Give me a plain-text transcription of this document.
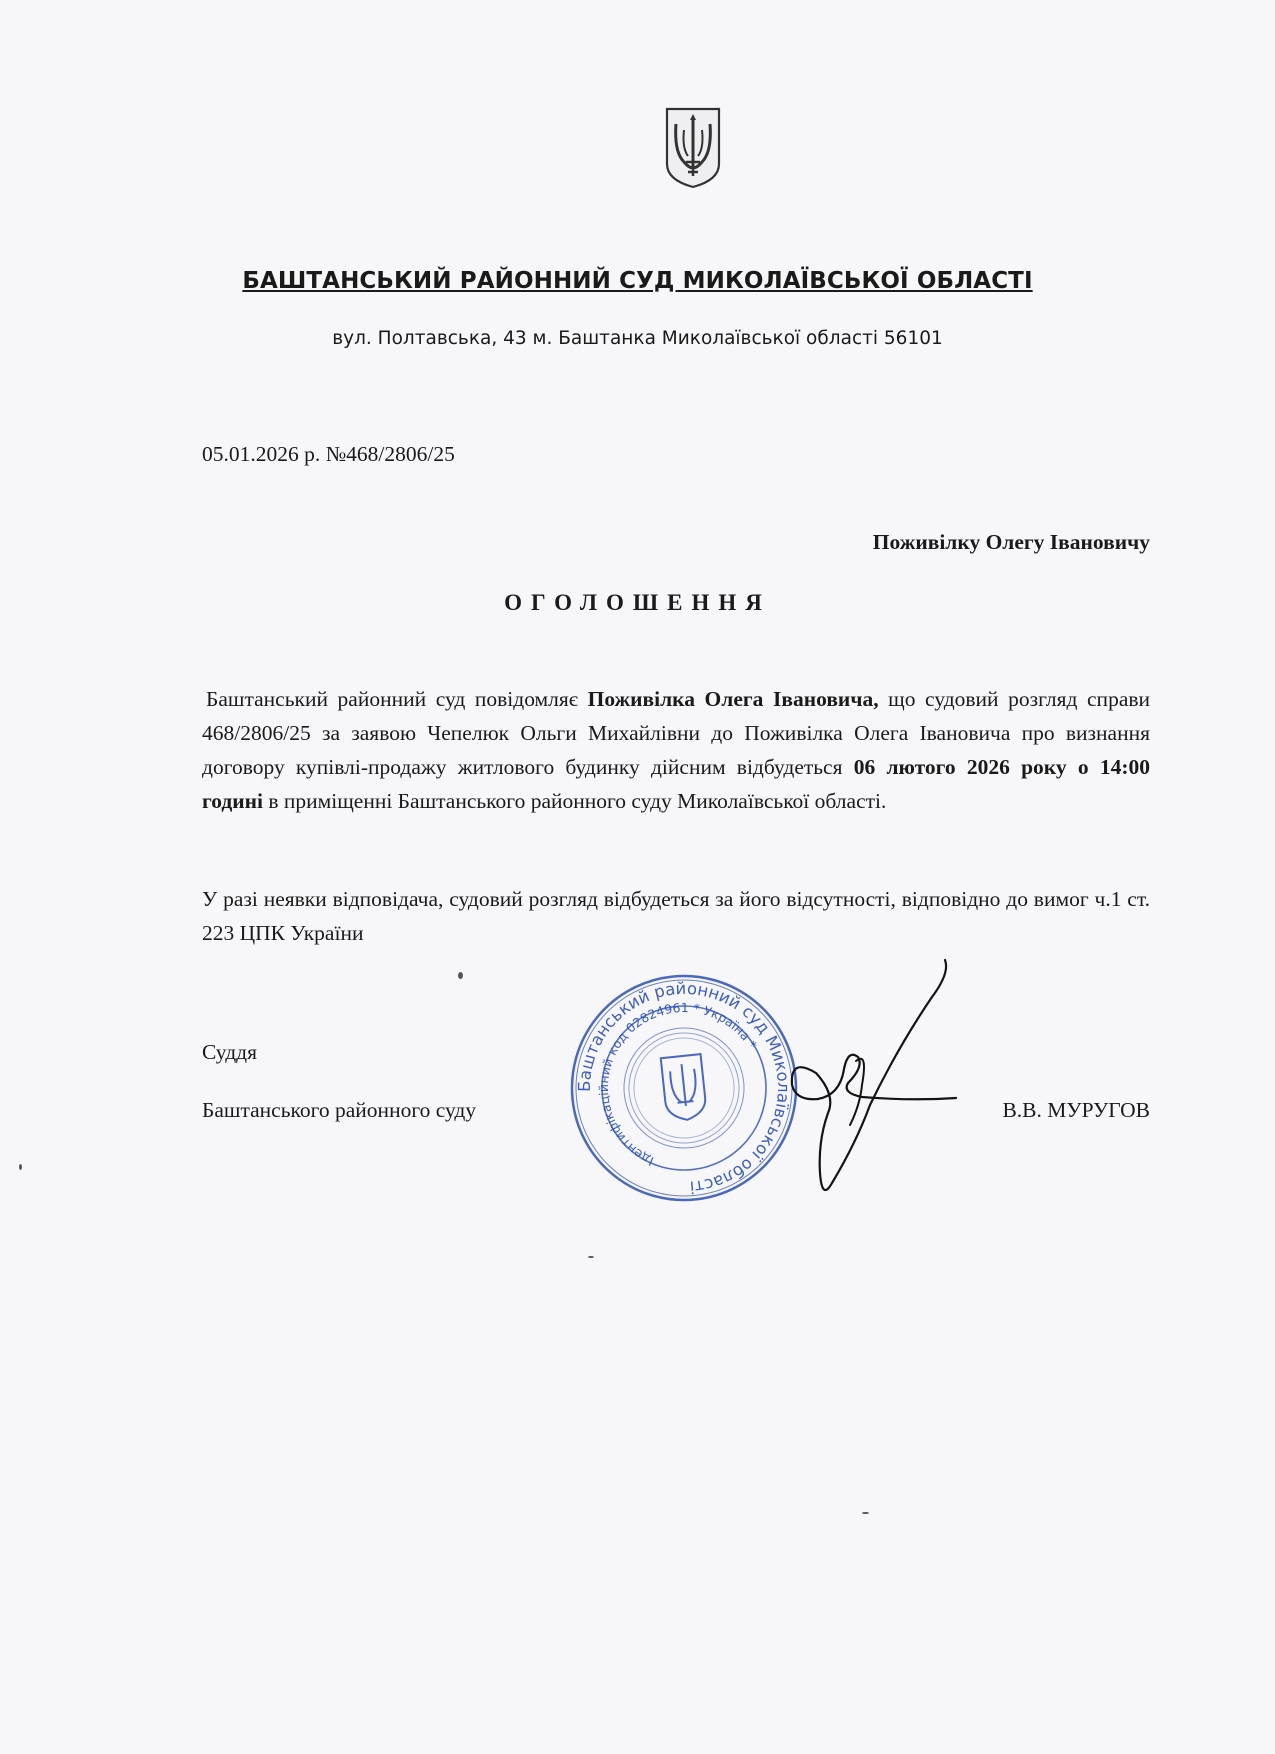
БАШТАНСЬКИЙ РАЙОННИЙ СУД МИКОЛАЇВСЬКОЇ ОБЛАСТІ
вул. Полтавська, 43 м. Баштанка Миколаївської області 56101
05.01.2026 р. №468/2806/25
Поживілку Олегу Івановичу
ОГОЛОШЕННЯ
Баштанський районний суд повідомляє Поживілка Олега Івановича, що судовий розгляд справи 468/2806/25 за заявою Чепелюк Ольги Михайлівни до Поживілка Олега Івановича про визнання договору купівлі-продажу житлового будинку дійсним відбудеться 06 лютого 2026 року о 14:00 годині в приміщенні Баштанського районного суду Миколаївської області.
У разі неявки відповідача, судовий розгляд відбудеться за його відсутності, відповідно до вимог ч.1 ст. 223 ЦПК України
Суддя
Баштанського районного суду	В.В. МУРУГОВ
Баштанський районний суд Миколаївської області
Ідентифікаційний код 02824961 * Україна *
